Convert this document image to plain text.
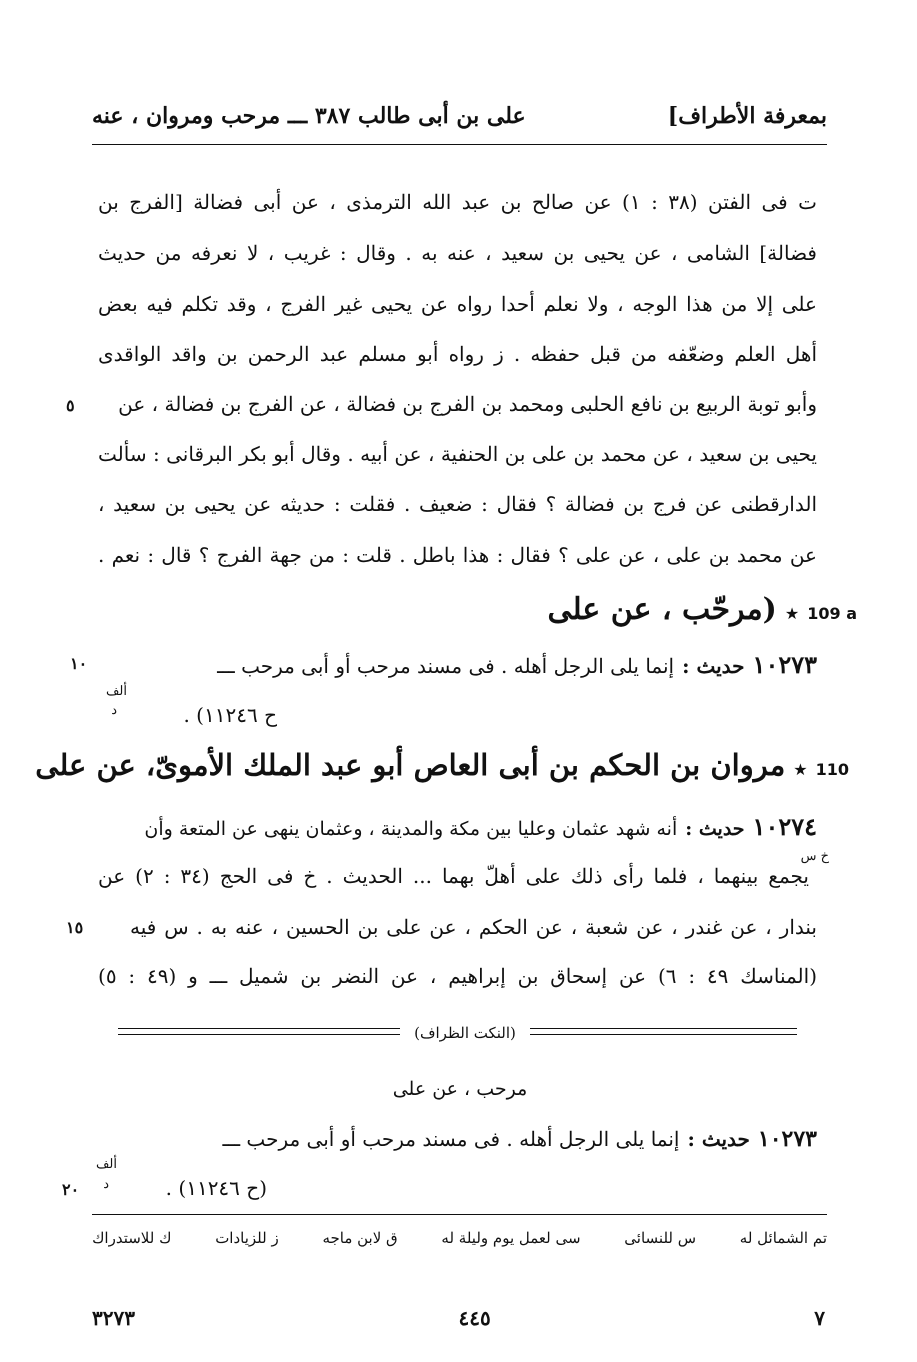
بمعرفة الأطراف]
على بن أبى طالب ٣٨٧ ـــ مرحب ومروان ، عنه
ت فى الفتن (٣٨ : ١) عن صالح بن عبد الله الترمذى ، عن أبى فضالة [الفرج بن
فضالة] الشامى ، عن يحيى بن سعيد ، عنه به . وقال : غريب ، لا نعرفه من حديث
على إلا من هذا الوجه ، ولا نعلم أحدا رواه عن يحيى غير الفرج ، وقد تكلم فيه بعض
أهل العلم وضعّفه من قبل حفظه . ز رواه أبو مسلم عبد الرحمن بن واقد الواقدى
وأبو توبة الربيع بن نافع الحلبى ومحمد بن الفرج بن فضالة ، عن الفرج بن فضالة ، عن
٥
يحيى بن سعيد ، عن محمد بن على بن الحنفية ، عن أبيه . وقال أبو بكر البرقانى : سألت
الدارقطنى عن فرج بن فضالة ؟ فقال : ضعيف . فقلت : حديثه عن يحيى بن سعيد ،
عن محمد بن على ، عن على ؟ فقال : هذا باطل . قلت : من جهة الفرج ؟ قال : نعم .
109 a
★
(مرحّب ، عن على
١٠٢٧٣
حديث :
إنما يلى الرجل أهله . فى مسند مرحب أو أبى مرحب ـــ
١٠
ألف
د	ح ١١٢٤٦) .
110
★
مروان بن الحكم بن أبى العاص أبو عبد الملك الأموىّ، عن على
١٠٢٧٤
حديث :
أنه شهد عثمان وعليا بين مكة والمدينة ، وعثمان ينهى عن المتعة وأن
خ س
يجمع بينهما ، فلما رأى ذلك على أهلّ بهما ... الحديث . خ فى الحج (٣٤ : ٢) عن
بندار ، عن غندر ، عن شعبة ، عن الحكم ، عن على بن الحسين ، عنه به . س فيه
١٥
(المناسك ٤٩ : ٦) عن إسحاق بن إبراهيم ، عن النضر بن شميل ـــ و (٤٩ : ٥)
(النكت الظراف)
مرحب ، عن على
١٠٢٧٣
حديث :
إنما يلى الرجل أهله . فى مسند مرحب أو أبى مرحب ـــ
ألف
د	(ح ١١٢٤٦) .
٢٠
تم الشمائل له
س للنسائى
سى لعمل يوم وليلة له
ق لابن ماجه
ز للزيادات
ك للاستدراك
٧
٤٤٥
٣٢٧٣
